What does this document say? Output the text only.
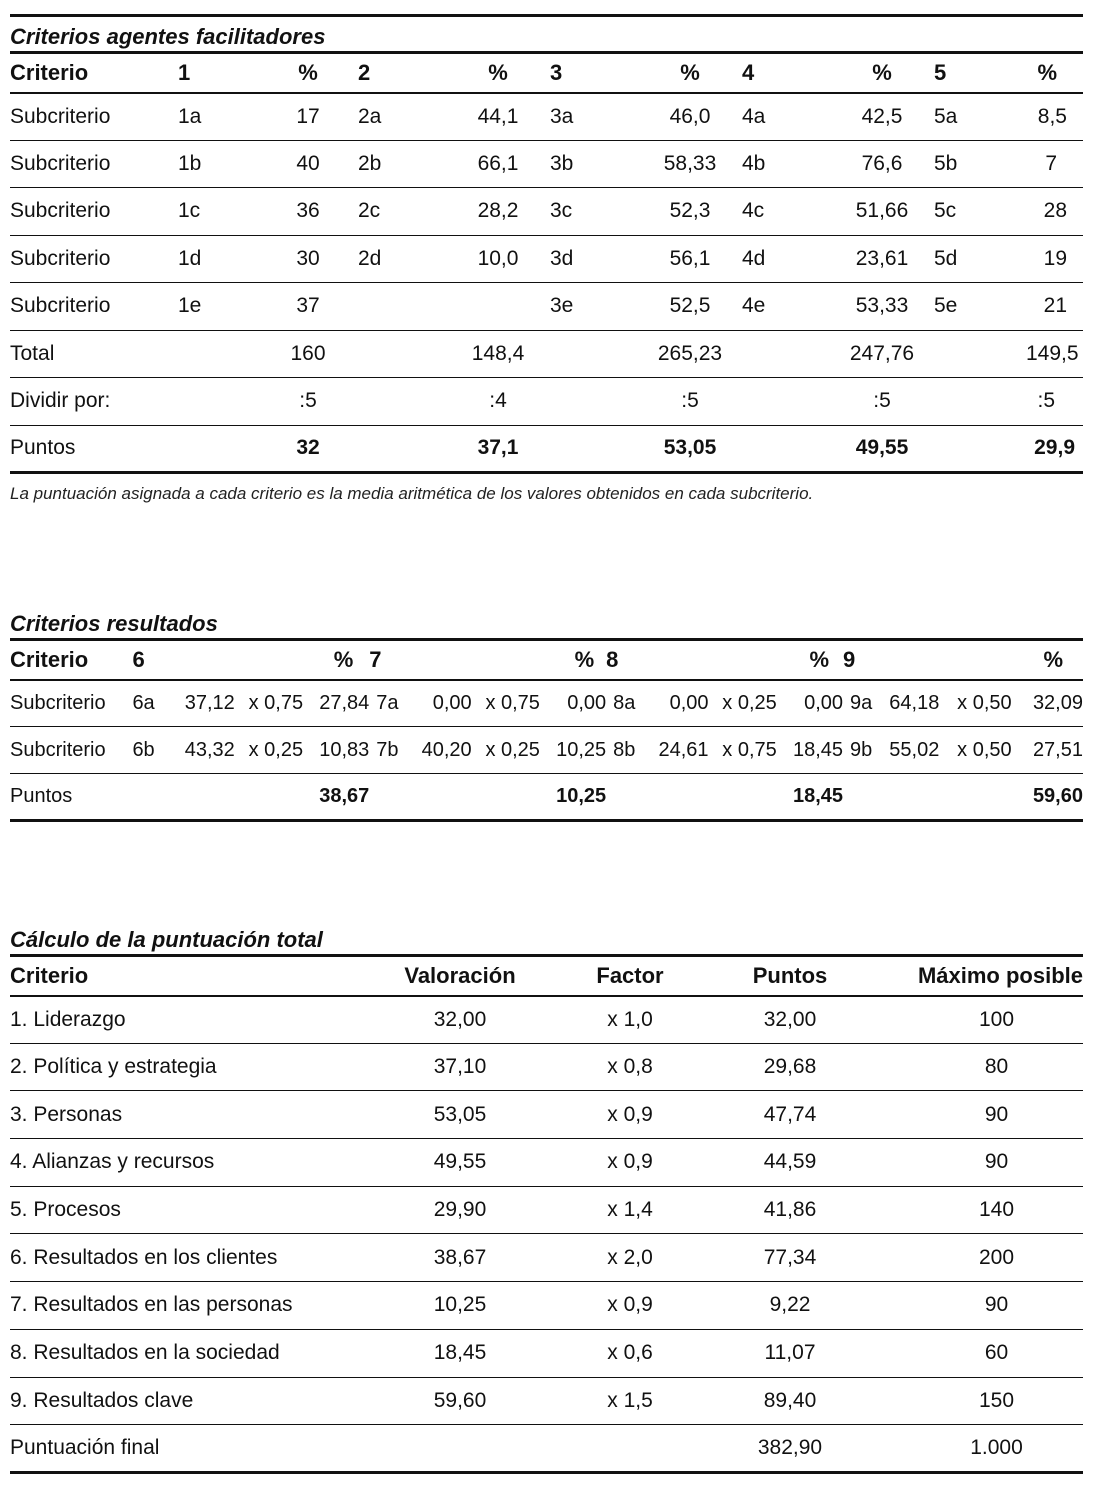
Criterios agentes facilitadores

Criterio	1	%	2	%	3	%	4	%	5	%
Subcriterio	1a	17	2a	44,1	3a	46,0	4a	42,5	5a	8,5
Subcriterio	1b	40	2b	66,1	3b	58,33	4b	76,6	5b	7
Subcriterio	1c	36	2c	28,2	3c	52,3	4c	51,66	5c	28
Subcriterio	1d	30	2d	10,0	3d	56,1	4d	23,61	5d	19
Subcriterio	1e	37			3e	52,5	4e	53,33	5e	21
Total		160		148,4		265,23		247,76		149,5
Dividir por:		:5		:4		:5		:5		:5
Puntos		32		37,1		53,05		49,55		29,9
La puntuación asignada a cada criterio es la media aritmética de los valores obtenidos en cada subcriterio.

Criterios resultados

Criterio	6			%	7			%	8			%	9			%
Subcriterio	6a	37,12	x 0,75	27,84	7a	0,00	x 0,75	0,00	8a	0,00	x 0,25	0,00	9a	64,18	x 0,50	32,09
Subcriterio	6b	43,32	x 0,25	10,83	7b	40,20	x 0,25	10,25	8b	24,61	x 0,75	18,45	9b	55,02	x 0,50	27,51
Puntos	38,67				10,25				18,45				59,60			

Cálculo de la puntuación total

Criterio	Valoración	Factor	Puntos	Máximo posible
1. Liderazgo	32,00	x 1,0	32,00	100
2. Política y estrategia	37,10	x 0,8	29,68	80
3. Personas	53,05	x 0,9	47,74	90
4. Alianzas y recursos	49,55	x 0,9	44,59	90
5. Procesos	29,90	x 1,4	41,86	140
6. Resultados en los clientes	38,67	x 2,0	77,34	200
7. Resultados en las personas	10,25	x 0,9	9,22	90
8. Resultados en la sociedad	18,45	x 0,6	11,07	60
9. Resultados clave	59,60	x 1,5	89,40	150
Puntuación final			382,90	1.000
